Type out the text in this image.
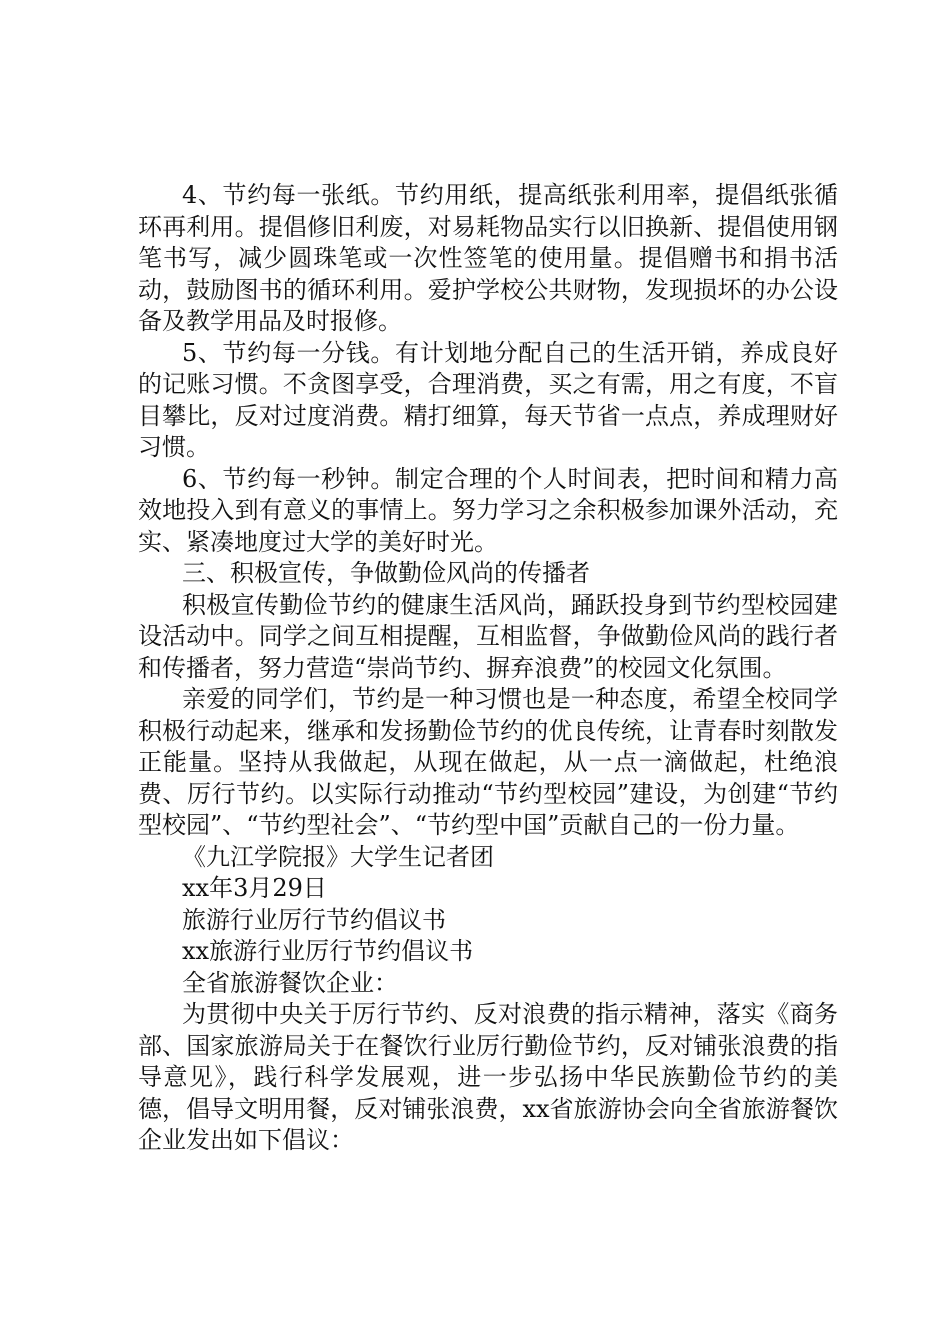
4、节约每一张纸。节约用纸，提高纸张利用率，提倡纸张循环再利用。提倡修旧利废，对易耗物品实行以旧换新、提倡使用钢笔书写，减少圆珠笔或一次性签笔的使用量。提倡赠书和捐书活动，鼓励图书的循环利用。爱护学校公共财物，发现损坏的办公设备及教学用品及时报修。

5、节约每一分钱。有计划地分配自己的生活开销，养成良好的记账习惯。不贪图享受，合理消费，买之有需，用之有度，不盲目攀比，反对过度消费。精打细算，每天节省一点点，养成理财好习惯。

6、节约每一秒钟。制定合理的个人时间表，把时间和精力高效地投入到有意义的事情上。努力学习之余积极参加课外活动，充实、紧凑地度过大学的美好时光。

三、积极宣传，争做勤俭风尚的传播者

积极宣传勤俭节约的健康生活风尚，踊跃投身到节约型校园建设活动中。同学之间互相提醒，互相监督，争做勤俭风尚的践行者和传播者，努力营造“崇尚节约、摒弃浪费”的校园文化氛围。

亲爱的同学们，节约是一种习惯也是一种态度，希望全校同学积极行动起来，继承和发扬勤俭节约的优良传统，让青春时刻散发正能量。坚持从我做起，从现在做起，从一点一滴做起，杜绝浪费、厉行节约。以实际行动推动“节约型校园”建设，为创建“节约型校园”、“节约型社会”、“节约型中国”贡献自己的一份力量。

《九江学院报》大学生记者团

xx年3月29日

旅游行业厉行节约倡议书

xx旅游行业厉行节约倡议书

全省旅游餐饮企业：

为贯彻中央关于厉行节约、反对浪费的指示精神，落实《商务部、国家旅游局关于在餐饮行业厉行勤俭节约，反对铺张浪费的指导意见》，践行科学发展观，进一步弘扬中华民族勤俭节约的美德，倡导文明用餐，反对铺张浪费，xx省旅游协会向全省旅游餐饮企业发出如下倡议：
